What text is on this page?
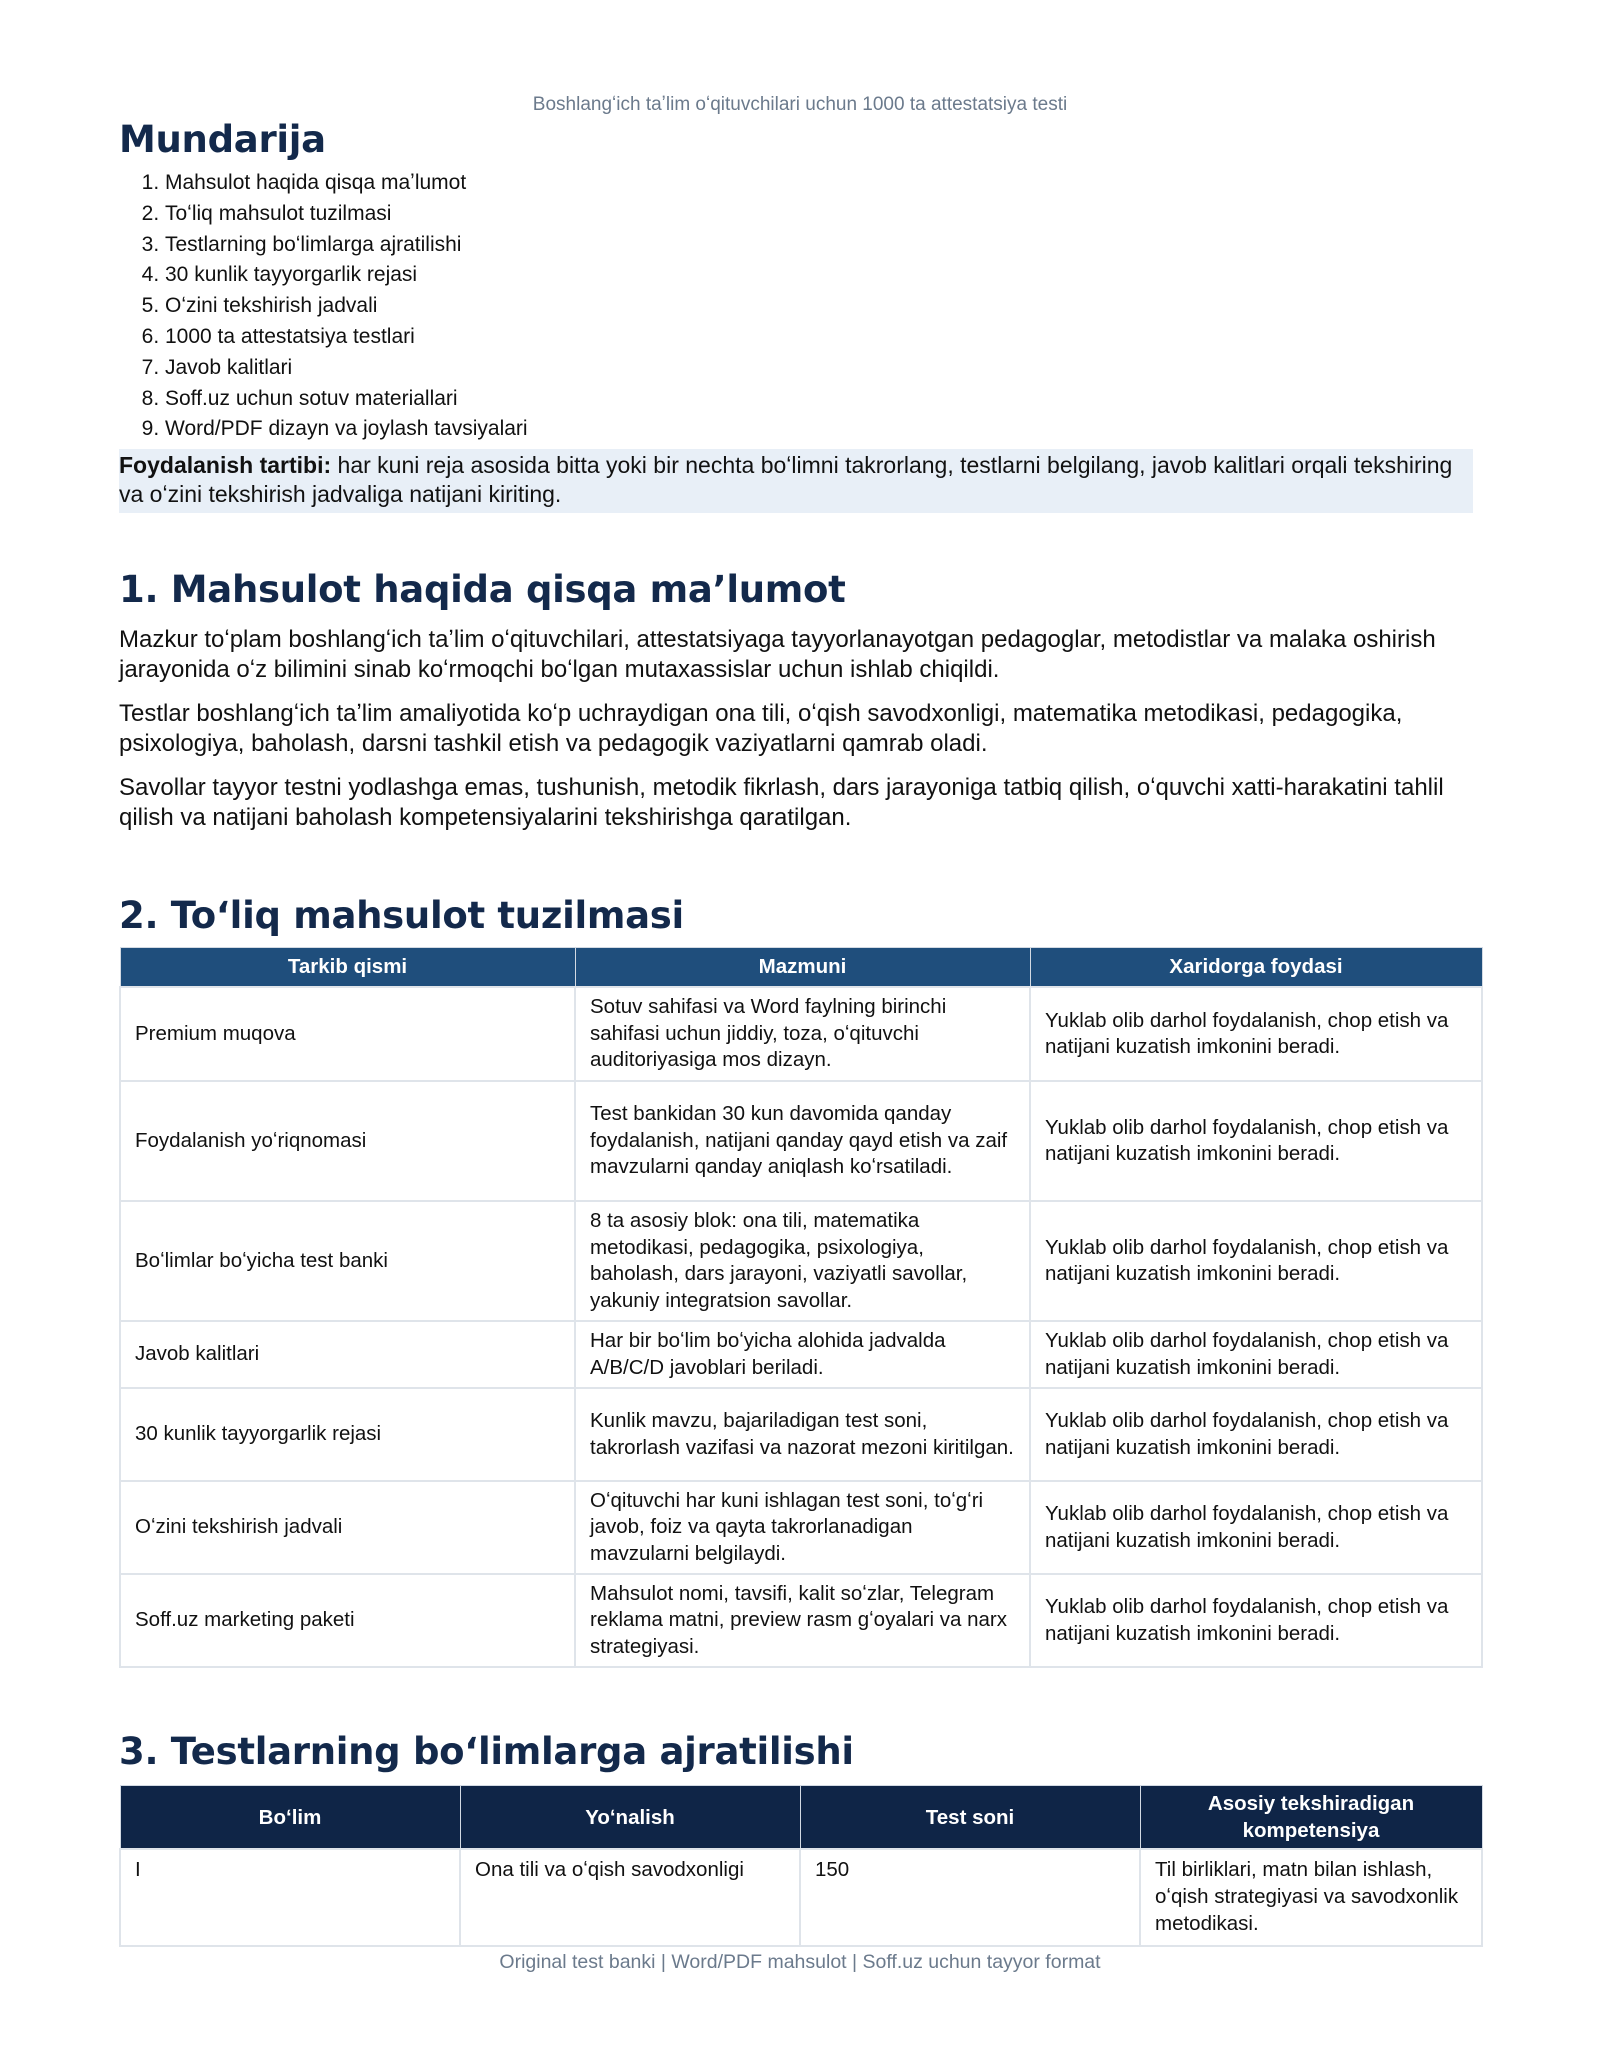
Boshlangʻich taʼlim oʻqituvchilari uchun 1000 ta attestatsiya testi
Mundarija
1. Mahsulot haqida qisqa maʼlumot
2. Toʻliq mahsulot tuzilmasi
3. Testlarning boʻlimlarga ajratilishi
4. 30 kunlik tayyorgarlik rejasi
5. Oʻzini tekshirish jadvali
6. 1000 ta attestatsiya testlari
7. Javob kalitlari
8. Soff.uz uchun sotuv materiallari
9. Word/PDF dizayn va joylash tavsiyalari
Foydalanish tartibi: har kuni reja asosida bitta yoki bir nechta boʻlimni takrorlang, testlarni belgilang, javob kalitlari orqali tekshiring va oʻzini tekshirish jadvaliga natijani kiriting.
1. Mahsulot haqida qisqa maʼlumot

Mazkur toʻplam boshlangʻich taʼlim oʻqituvchilari, attestatsiyaga tayyorlanayotgan pedagoglar, metodistlar va malaka oshirish jarayonida oʻz bilimini sinab koʻrmoqchi boʻlgan mutaxassislar uchun ishlab chiqildi.

Testlar boshlangʻich taʼlim amaliyotida koʻp uchraydigan ona tili, oʻqish savodxonligi, matematika metodikasi, pedagogika, psixologiya, baholash, darsni tashkil etish va pedagogik vaziyatlarni qamrab oladi.

Savollar tayyor testni yodlashga emas, tushunish, metodik fikrlash, dars jarayoniga tatbiq qilish, oʻquvchi xatti-harakatini tahlil qilish va natijani baholash kompetensiyalarini tekshirishga qaratilgan.

2. Toʻliq mahsulot tuzilmasi
Tarkib qismi	Mazmuni	Xaridorga foydasi
Premium muqova	Sotuv sahifasi va Word faylning birinchi sahifasi uchun jiddiy, toza, oʻqituvchi auditoriyasiga mos dizayn.	Yuklab olib darhol foydalanish, chop etish va natijani kuzatish imkonini beradi.
Foydalanish yoʻriqnomasi	Test bankidan 30 kun davomida qanday foydalanish, natijani qanday qayd etish va zaif mavzularni qanday aniqlash koʻrsatiladi.	Yuklab olib darhol foydalanish, chop etish va natijani kuzatish imkonini beradi.
Boʻlimlar boʻyicha test banki	8 ta asosiy blok: ona tili, matematika metodikasi, pedagogika, psixologiya, baholash, dars jarayoni, vaziyatli savollar, yakuniy integratsion savollar.	Yuklab olib darhol foydalanish, chop etish va natijani kuzatish imkonini beradi.
Javob kalitlari	Har bir boʻlim boʻyicha alohida jadvalda A/B/C/D javoblari beriladi.	Yuklab olib darhol foydalanish, chop etish va natijani kuzatish imkonini beradi.
30 kunlik tayyorgarlik rejasi	Kunlik mavzu, bajariladigan test soni, takrorlash vazifasi va nazorat mezoni kiritilgan.	Yuklab olib darhol foydalanish, chop etish va natijani kuzatish imkonini beradi.
Oʻzini tekshirish jadvali	Oʻqituvchi har kuni ishlagan test soni, toʻgʻri javob, foiz va qayta takrorlanadigan mavzularni belgilaydi.	Yuklab olib darhol foydalanish, chop etish va natijani kuzatish imkonini beradi.
Soff.uz marketing paketi	Mahsulot nomi, tavsifi, kalit soʻzlar, Telegram reklama matni, preview rasm gʻoyalari va narx strategiyasi.	Yuklab olib darhol foydalanish, chop etish va natijani kuzatish imkonini beradi.
3. Testlarning boʻlimlarga ajratilishi
Boʻlim	Yoʻnalish	Test soni	Asosiy tekshiradigan kompetensiya
I	Ona tili va oʻqish savodxonligi	150	Til birliklari, matn bilan ishlash, oʻqish strategiyasi va savodxonlik metodikasi.
Original test banki | Word/PDF mahsulot | Soff.uz uchun tayyor format
